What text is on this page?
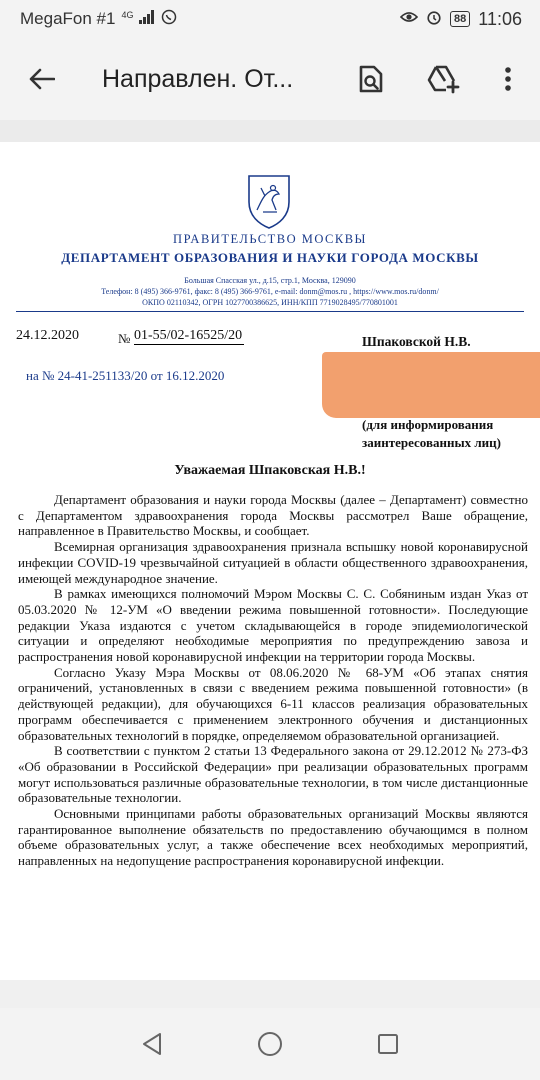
MegaFon #1 4G	88 11:06
Направлен. От...
ПРАВИТЕЛЬСТВО МОСКВЫ
ДЕПАРТАМЕНТ ОБРАЗОВАНИЯ И НАУКИ ГОРОДА МОСКВЫ
Большая Спасская ул., д.15, стр.1, Москва, 129090
Телефон: 8 (495) 366-9761, факс: 8 (495) 366-9761, e-mail: donm@mos.ru , https://www.mos.ru/donm/
ОКПО 02110342, ОГРН 1027700386625, ИНН/КПП 7719028495/770801001
24.12.2020	№ 01-55/02-16525/20
на № 24-41-251133/20 от 16.12.2020
Шпаковской Н.В.
(для информирования
заинтересованных лиц)
Уважаемая Шпаковская Н.В.!

Департамент образования и науки города Москвы (далее – Департамент) совместно с Департаментом здравоохранения города Москвы рассмотрел Ваше обращение, направленное в Правительство Москвы, и сообщает.

Всемирная организация здравоохранения признала вспышку новой коронавирусной инфекции COVID-19 чрезвычайной ситуацией в области общественного здравоохранения, имеющей международное значение.

В рамках имеющихся полномочий Мэром Москвы С. С. Собяниным издан Указ от 05.03.2020 № 12-УМ «О введении режима повышенной готовности». Последующие редакции Указа издаются с учетом складывающейся в городе эпидемиологической ситуации и определяют необходимые мероприятия по предупреждению завоза и распространения новой коронавирусной инфекции на территории города Москвы.

Согласно Указу Мэра Москвы от 08.06.2020 № 68-УМ «Об этапах снятия ограничений, установленных в связи с введением режима повышенной готовности» (в действующей редакции), для обучающихся 6-11 классов реализация образовательных программ обеспечивается с применением электронного обучения и дистанционных образовательных технологий в порядке, определяемом образовательной организацией.

В соответствии с пунктом 2 статьи 13 Федерального закона от 29.12.2012 № 273-ФЗ «Об образовании в Российской Федерации» при реализации образовательных программ могут использоваться различные образовательные технологии, в том числе дистанционные образовательные технологии.

Основными принципами работы образовательных организаций Москвы являются гарантированное выполнение обязательств по предоставлению обучающимся в полном объеме образовательных услуг, а также обеспечение всех необходимых мероприятий, направленных на недопущение распространения коронавирусной инфекции.
